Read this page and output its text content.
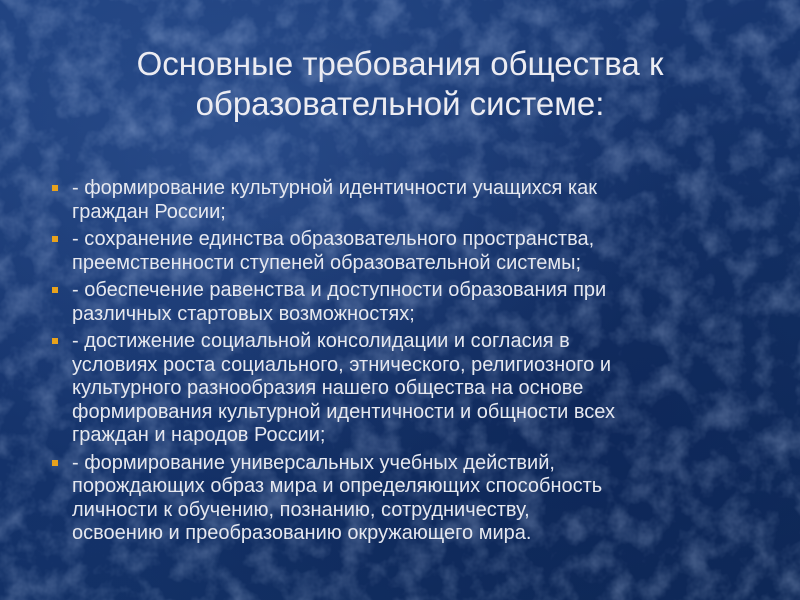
Основные требования общества к
образовательной системе:
- формирование культурной идентичности учащихся как
граждан России;
- сохранение единства образовательного пространства,
преемственности ступеней образовательной системы;
- обеспечение равенства и доступности образования при
различных стартовых возможностях;
- достижение социальной консолидации и согласия в
условиях роста социального, этнического, религиозного и
культурного разнообразия нашего общества на основе
формирования культурной идентичности и общности всех
граждан и народов России;
- формирование универсальных учебных действий,
порождающих образ мира и определяющих способность
личности к обучению, познанию, сотрудничеству,
освоению и преобразованию окружающего мира.
